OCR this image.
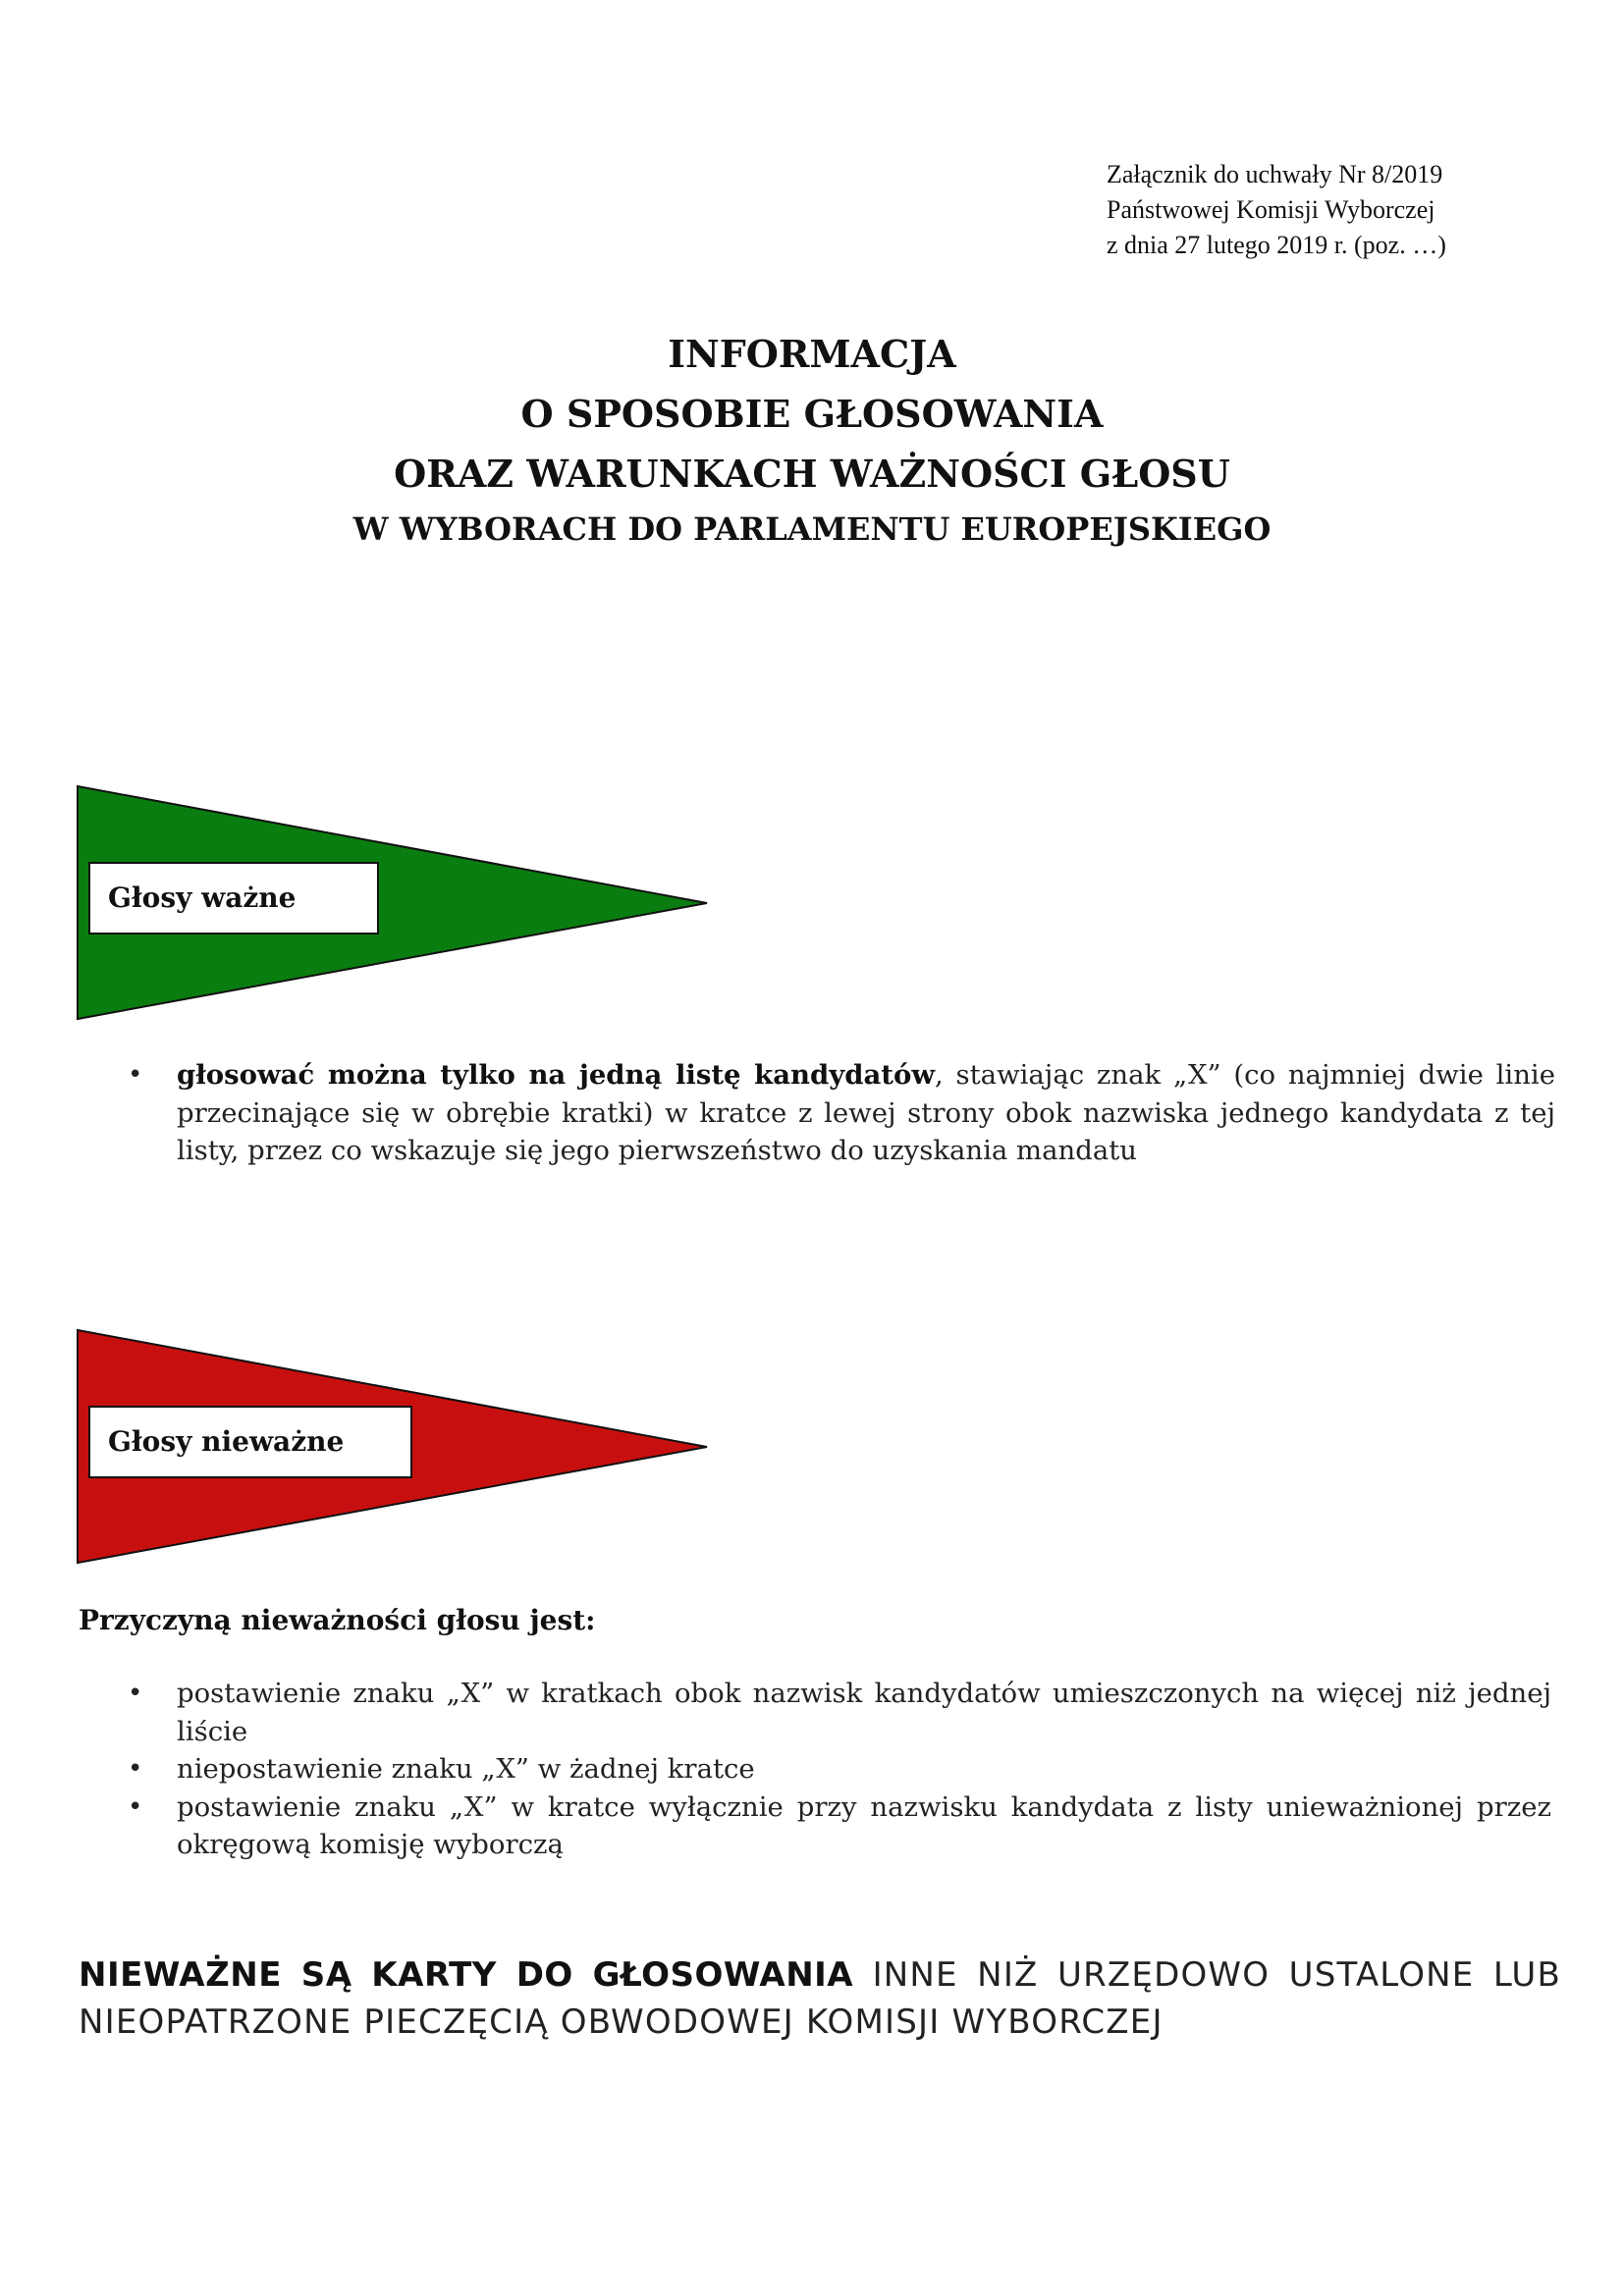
Załącznik do uchwały Nr 8/2019
Państwowej Komisji Wyborczej
z dnia 27 lutego 2019 r. (poz. …)
INFORMACJA
O SPOSOBIE GŁOSOWANIA
ORAZ WARUNKACH WAŻNOŚCI GŁOSU
W WYBORACH DO PARLAMENTU EUROPEJSKIEGO
Głosy ważne
• głosować można tylko na jedną listę kandydatów, stawiając znak „X” (co najmniej dwie linie przecinające się w obrębie kratki) w kratce z lewej strony obok nazwiska jednego kandydata z tej listy, przez co wskazuje się jego pierwszeństwo do uzyskania mandatu
Głosy nieważne
Przyczyną nieważności głosu jest:
• postawienie znaku „X” w kratkach obok nazwisk kandydatów umieszczonych na więcej niż jednej liście
• niepostawienie znaku „X” w żadnej kratce
• postawienie znaku „X” w kratce wyłącznie przy nazwisku kandydata z listy unieważnionej przez okręgową komisję wyborczą
NIEWAŻNE SĄ KARTY DO GŁOSOWANIA INNE NIŻ URZĘDOWO USTALONE LUB NIEOPATRZONE PIECZĘCIĄ OBWODOWEJ KOMISJI WYBORCZEJ
